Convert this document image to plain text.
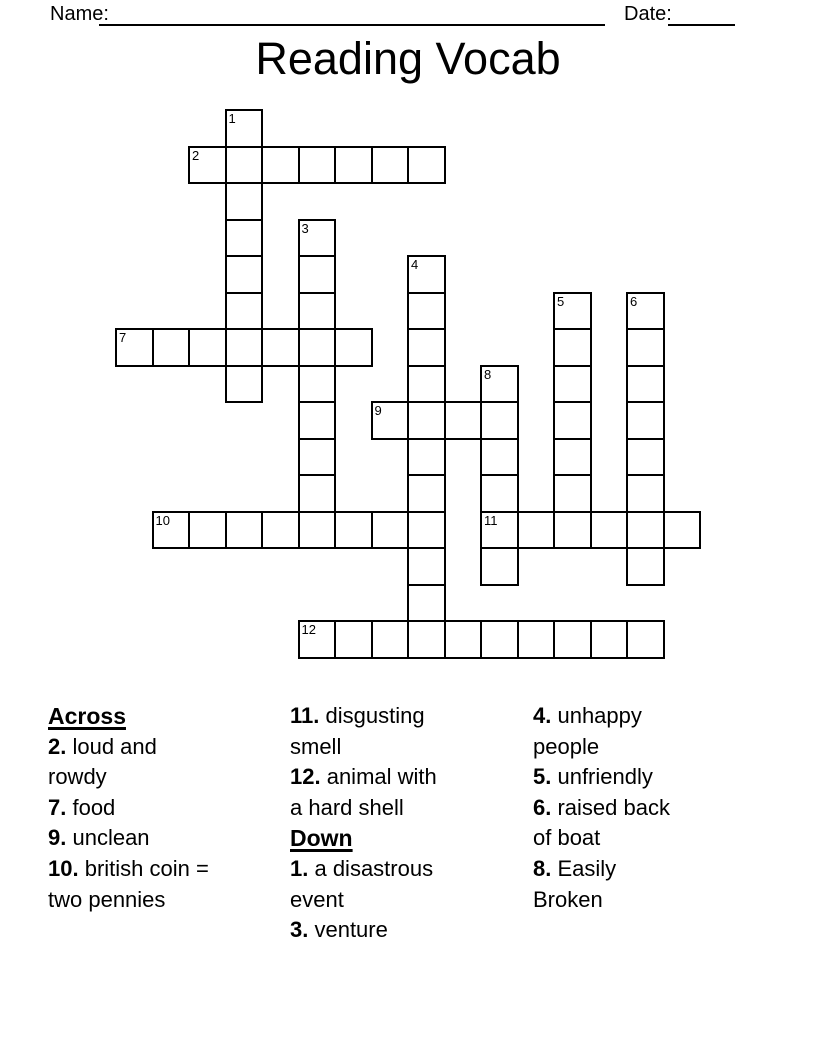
Name:	Date:
Reading Vocab
1
2
3
4
5	6
7
8
11
9
10
12
Across
2. loud and
rowdy
7. food
9. unclean
10. british coin =
two pennies
11. disgusting
smell
12. animal with
a hard shell
Down
1. a disastrous
event
3. venture
4. unhappy
people
5. unfriendly
6. raised back
of boat
8. Easily
Broken
